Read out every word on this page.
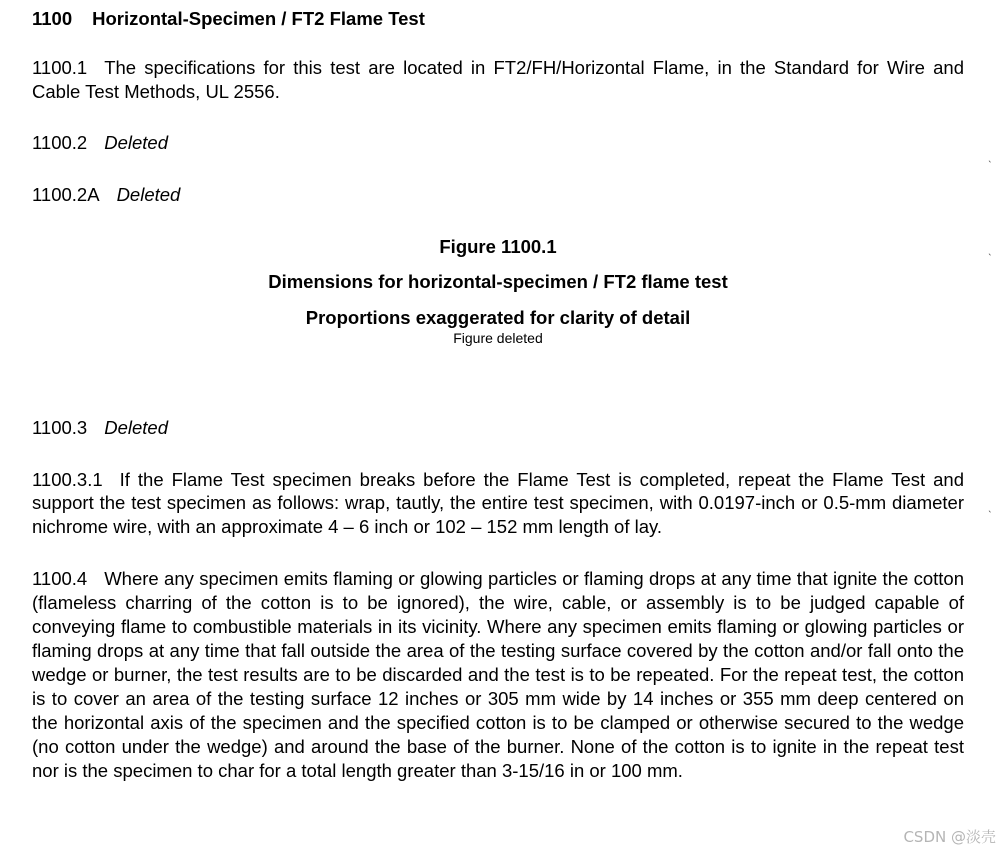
1100 Horizontal-Specimen / FT2 Flame Test

1100.1 The specifications for this test are located in FT2/FH/Horizontal Flame, in the Standard for Wire and Cable Test Methods, UL 2556.

1100.2 Deleted

1100.2A Deleted

Figure 1100.1

Dimensions for horizontal-specimen / FT2 flame test

Proportions exaggerated for clarity of detail

Figure deleted

1100.3 Deleted

1100.3.1 If the Flame Test specimen breaks before the Flame Test is completed, repeat the Flame Test and support the test specimen as follows: wrap, tautly, the entire test specimen, with 0.0197-inch or 0.5-mm diameter nichrome wire, with an approximate 4 – 6 inch or 102 – 152 mm length of lay.

1100.4 Where any specimen emits flaming or glowing particles or flaming drops at any time that ignite the cotton (flameless charring of the cotton is to be ignored), the wire, cable, or assembly is to be judged capable of conveying flame to combustible materials in its vicinity. Where any specimen emits flaming or glowing particles or flaming drops at any time that fall outside the area of the testing surface covered by the cotton and/or fall onto the wedge or burner, the test results are to be discarded and the test is to be repeated. For the repeat test, the cotton is to cover an area of the testing surface 12 inches or 305 mm wide by 14 inches or 355 mm deep centered on the horizontal axis of the specimen and the specified cotton is to be clamped or otherwise secured to the wedge (no cotton under the wedge) and around the base of the burner. None of the cotton is to ignite in the repeat test nor is the specimen to char for a total length greater than 3-15/16 in or 100 mm.

ˎ
ˎ
ˎ
CSDN @淡壳
